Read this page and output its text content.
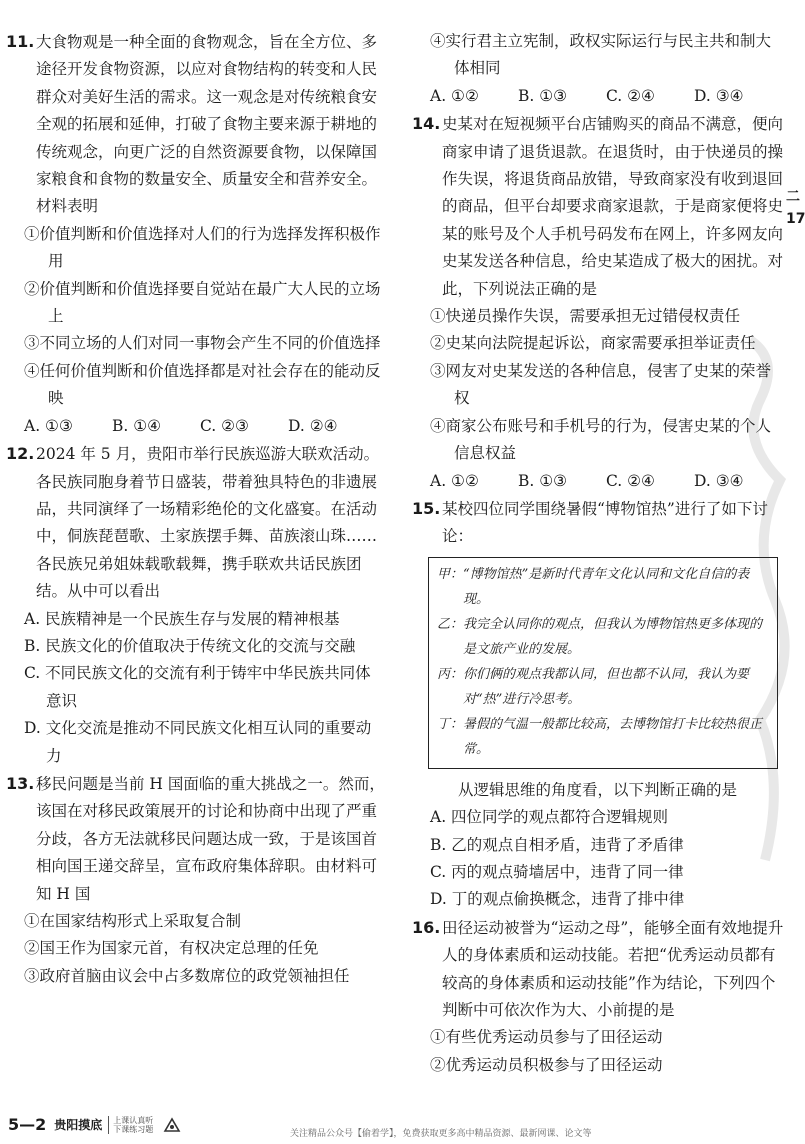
11. 大食物观是一种全面的食物观念，旨在全方位、多途径开发食物资源，以应对食物结构的转变和人民群众对美好生活的需求。这一观念是对传统粮食安全观的拓展和延伸，打破了食物主要来源于耕地的传统观念，向更广泛的自然资源要食物，以保障国家粮食和食物的数量安全、质量安全和营养安全。材料表明

①价值判断和价值选择对人们的行为选择发挥积极作用

②价值判断和价值选择要自觉站在最广大人民的立场上

③不同立场的人们对同一事物会产生不同的价值选择

④任何价值判断和价值选择都是对社会存在的能动反映

A. ①③	B. ①④	C. ②③	D. ②④

12. 2024 年 5 月，贵阳市举行民族巡游大联欢活动。各民族同胞身着节日盛装，带着独具特色的非遗展品，共同演绎了一场精彩绝伦的文化盛宴。在活动中，侗族琵琶歌、土家族摆手舞、苗族滚山珠……各民族兄弟姐妹载歌载舞，携手联欢共话民族团结。从中可以看出

A. 民族精神是一个民族生存与发展的精神根基

B. 民族文化的价值取决于传统文化的交流与交融

C. 不同民族文化的交流有利于铸牢中华民族共同体意识

D. 文化交流是推动不同民族文化相互认同的重要动力

13. 移民问题是当前 H 国面临的重大挑战之一。然而，该国在对移民政策展开的讨论和协商中出现了严重分歧，各方无法就移民问题达成一致，于是该国首相向国王递交辞呈，宣布政府集体辞职。由材料可知 H 国

①在国家结构形式上采取复合制

②国王作为国家元首，有权决定总理的任免

③政府首脑由议会中占多数席位的政党领袖担任

④实行君主立宪制，政权实际运行与民主共和制大体相同

A. ①②	B. ①③	C. ②④	D. ③④

14. 史某对在短视频平台店铺购买的商品不满意，便向商家申请了退货退款。在退货时，由于快递员的操作失误，将退货商品放错，导致商家没有收到退回的商品，但平台却要求商家退款，于是商家便将史某的账号及个人手机号码发布在网上，许多网友向史某发送各种信息，给史某造成了极大的困扰。对此，下列说法正确的是

①快递员操作失误，需要承担无过错侵权责任

②史某向法院提起诉讼，商家需要承担举证责任

③网友对史某发送的各种信息，侵害了史某的荣誉权

④商家公布账号和手机号的行为，侵害史某的个人信息权益

A. ①②	B. ①③	C. ②④	D. ③④

15. 某校四位同学围绕暑假“博物馆热”进行了如下讨论：

甲：“博物馆热”是新时代青年文化认同和文化自信的表现。

乙：我完全认同你的观点，但我认为博物馆热更多体现的是文旅产业的发展。

丙：你们俩的观点我都认同，但也都不认同，我认为要对“热”进行冷思考。

丁：暑假的气温一般都比较高，去博物馆打卡比较热很正常。

从逻辑思维的角度看，以下判断正确的是

A. 四位同学的观点都符合逻辑规则

B. 乙的观点自相矛盾，违背了矛盾律

C. 丙的观点骑墙居中，违背了同一律

D. 丁的观点偷换概念，违背了排中律

16. 田径运动被誉为“运动之母”，能够全面有效地提升人的身体素质和运动技能。若把“优秀运动员都有较高的身体素质和运动技能”作为结论，下列四个判断中可依次作为大、小前提的是

①有些优秀运动员参与了田径运动

②优秀运动员积极参与了田径运动

二17
5—2 贵阳摸底	上课认真听 下课练习题	关注精品公众号【偷着学】，免费获取更多高中精品资源、最新网课、论文等
